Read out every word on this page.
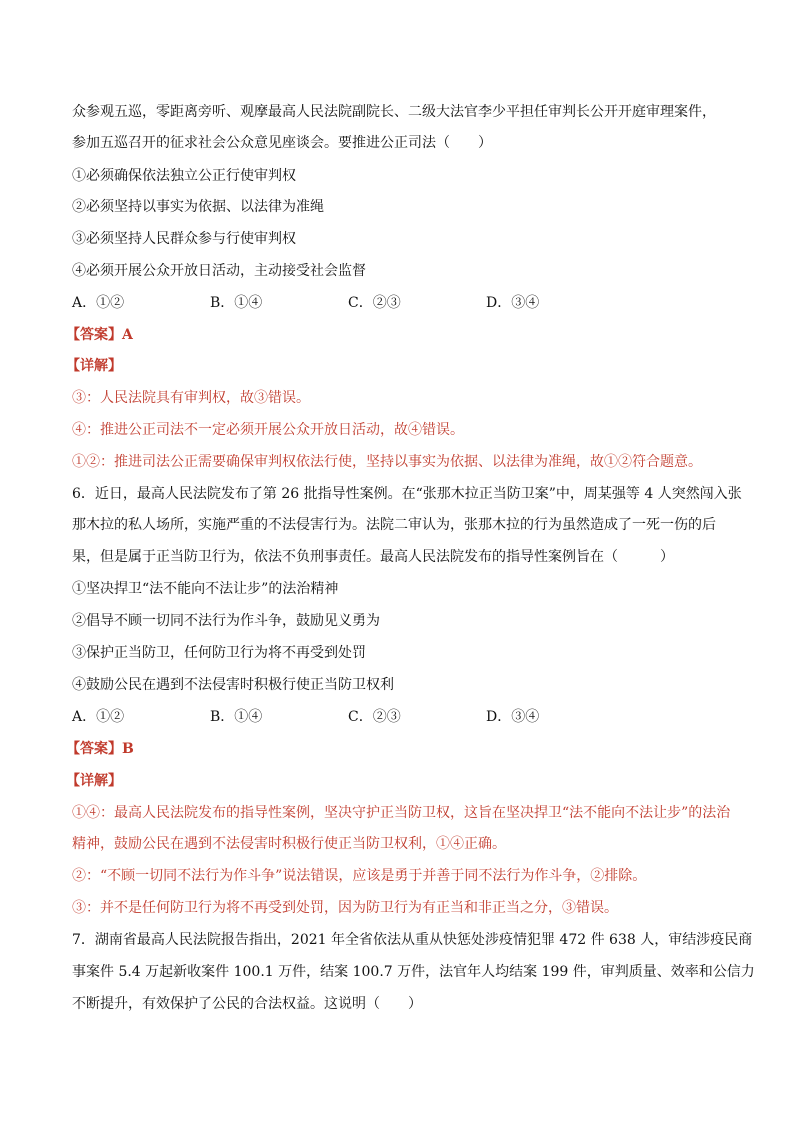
众参观五巡，零距离旁听、观摩最高人民法院副院长、二级大法官李少平担任审判长公开开庭审理案件，
参加五巡召开的征求社会公众意见座谈会。要推进公正司法（　　）
①必须确保依法独立公正行使审判权
②必须坚持以事实为依据、以法律为准绳
③必须坚持人民群众参与行使审判权
④必须开展公众开放日活动，主动接受社会监督
A．①②	B．①④	C．②③	D．③④
【答案】A
【详解】
③：人民法院具有审判权，故③错误。
④：推进公正司法不一定必须开展公众开放日活动，故④错误。
①②：推进司法公正需要确保审判权依法行使，坚持以事实为依据、以法律为准绳，故①②符合题意。
6．近日，最高人民法院发布了第 26 批指导性案例。在“张那木拉正当防卫案”中，周某强等 4 人突然闯入张
那木拉的私人场所，实施严重的不法侵害行为。法院二审认为，张那木拉的行为虽然造成了一死一伤的后
果，但是属于正当防卫行为，依法不负刑事责任。最高人民法院发布的指导性案例旨在（　　　）
①坚决捍卫“法不能向不法让步”的法治精神
②倡导不顾一切同不法行为作斗争，鼓励见义勇为
③保护正当防卫，任何防卫行为将不再受到处罚
④鼓励公民在遇到不法侵害时积极行使正当防卫权利
A．①②	B．①④	C．②③	D．③④
【答案】B
【详解】
①④：最高人民法院发布的指导性案例，坚决守护正当防卫权，这旨在坚决捍卫“法不能向不法让步”的法治
精神，鼓励公民在遇到不法侵害时积极行使正当防卫权利，①④正确。
②：“不顾一切同不法行为作斗争”说法错误，应该是勇于并善于同不法行为作斗争，②排除。
③：并不是任何防卫行为将不再受到处罚，因为防卫行为有正当和非正当之分，③错误。
7．湖南省最高人民法院报告指出，2021 年全省依法从重从快惩处涉疫情犯罪 472 件 638 人，审结涉疫民商
事案件 5.4 万起新收案件 100.1 万件，结案 100.7 万件，法官年人均结案 199 件，审判质量、效率和公信力
不断提升，有效保护了公民的合法权益。这说明（　　）
